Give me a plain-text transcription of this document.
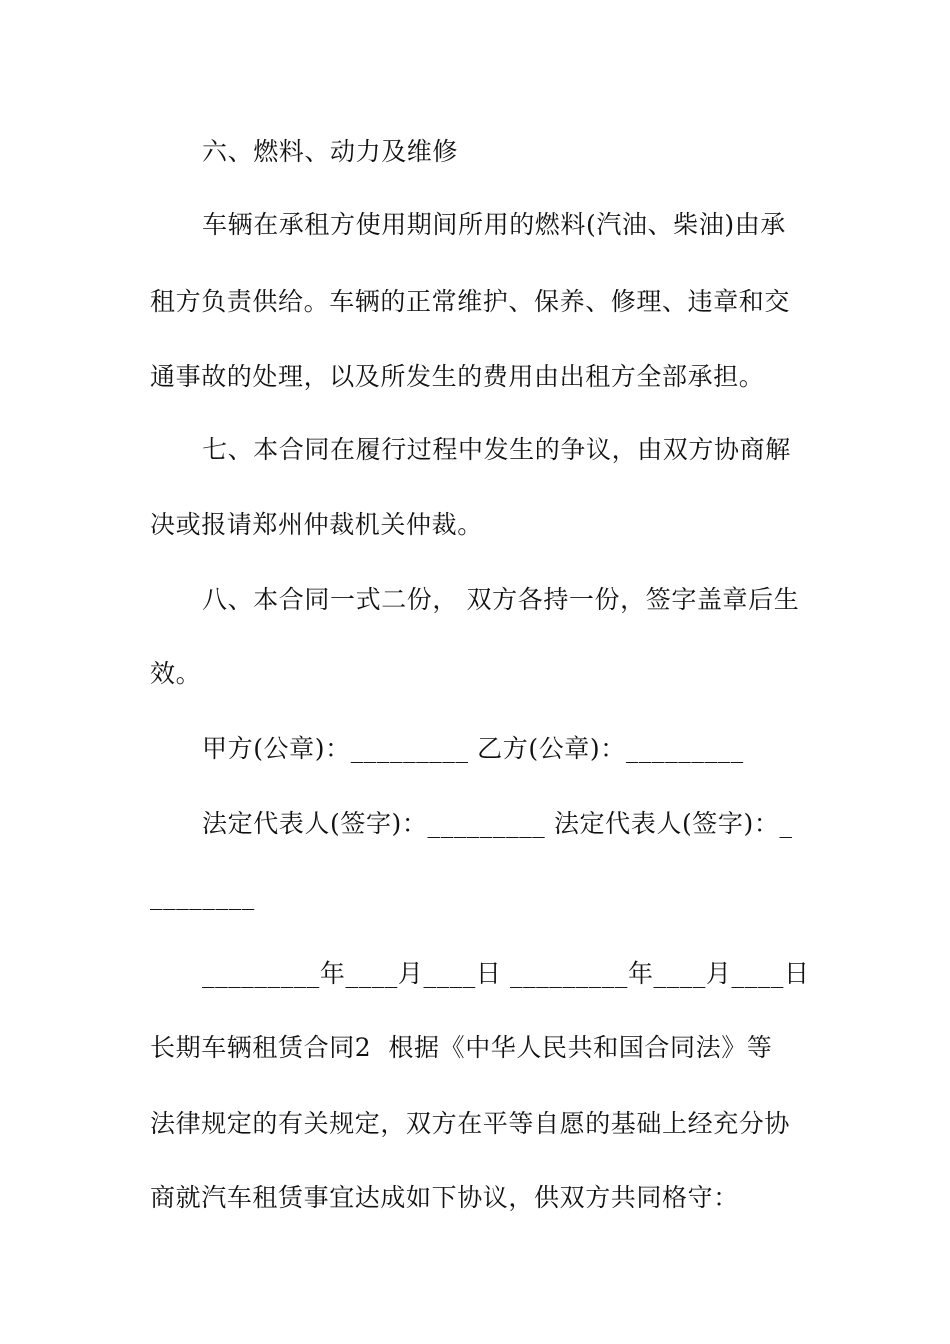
六、燃料、动力及维修
车辆在承租方使用期间所用的燃料(汽油、柴油)由承
租方负责供给。车辆的正常维护、保养、修理、违章和交
通事故的处理，以及所发生的费用由出租方全部承担。
七、本合同在履行过程中发生的争议，由双方协商解
决或报请郑州仲裁机关仲裁。
八、本合同一式二份， 双方各持一份，签字盖章后生
效。
甲方(公章)：_________ 乙方(公章)：_________
法定代表人(签字)：_________ 法定代表人(签字)：_
________
_________年____月____日 _________年____月____日
长期车辆租赁合同2  根据《中华人民共和国合同法》等
法律规定的有关规定，双方在平等自愿的基础上经充分协
商就汽车租赁事宜达成如下协议，供双方共同格守：
